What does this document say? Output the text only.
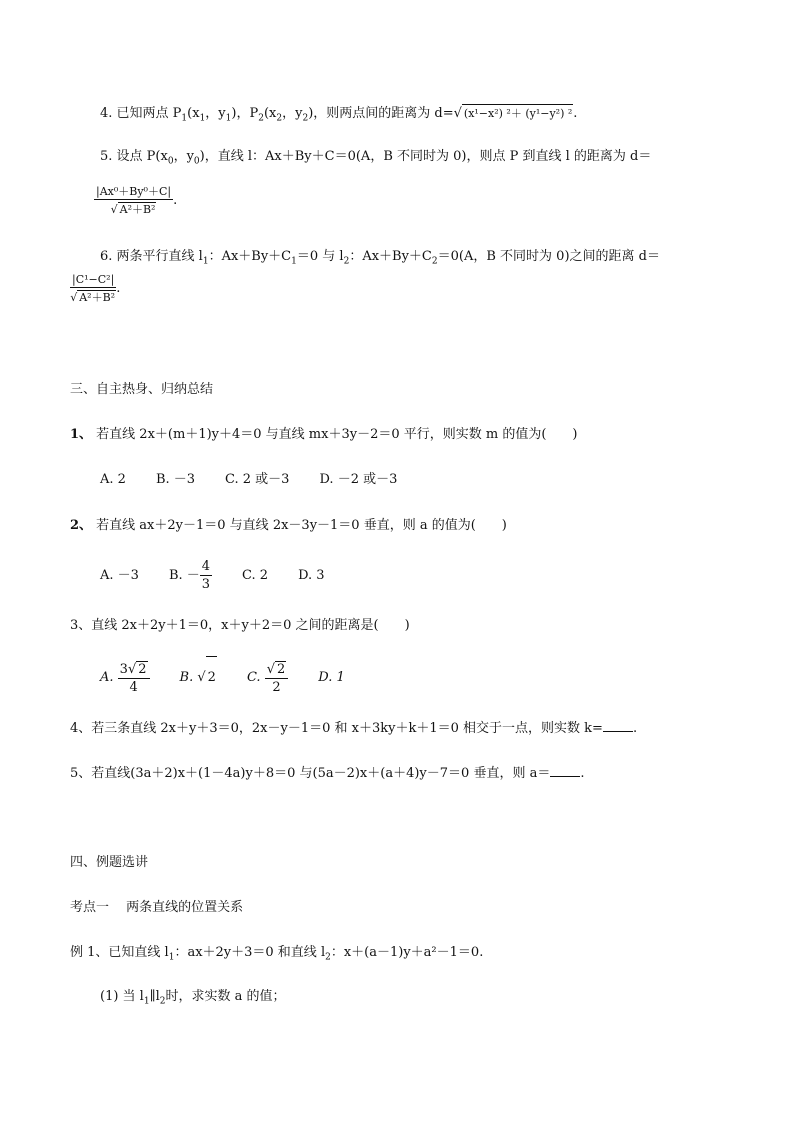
4. 已知两点 $P_1(x_1$，$y_1$)，$P_2(x_2$，$y_2$)，则两点间的距离为 d=√ (x¹−x²) ²＋ (y¹−y²) ².
5. 设点 $P(x_0$，$y_0$)，直线 l：Ax＋By＋C＝0(A，B 不同时为 0)，则点 P 到直线 l 的距离为 d＝
$\frac{\text{|Ax⁰＋By⁰＋C|}}{\text{√ A²＋B²}}$ .
6. 两条平行直线 $l_1$：$Ax+By+C_1=0$ 与 $l_2$：$Ax+By+C_2=0(A$，B 不同时为 0)之间的距离 d＝
$\frac{\text{|C¹−C²|}}{\text{√ A²＋B²}}$ .
三、自主热身、归纳总结
1、 若直线 2x＋(m＋1)y＋4＝0 与直线 mx＋3y－2＝0 平行，则实数 m 的值为(　　)
A. 2 B. －3 C. 2 或－3 D. －2 或－3
2、 若直线 ax＋2y－1＝0 与直线 2x－3y－1＝0 垂直，则 a 的值为(　　)
A. －3 B. － $\frac{4}{3} C$. 2 D. 3
3、直线 2x＋2y＋1＝0，x＋y＋2＝0 之间的距离是(　　)
A. $\frac{3√ 2}{4} B$. √ 2 C. $\frac{√ 2}{2} D$. 1
4、若三条直线 2x＋y＋3＝0，2x－y－1＝0 和 x＋3ky＋k＋1＝0 相交于一点，则实数 k= .
5、若直线(3a＋2)x＋(1－4a)y＋8＝0 与(5a－2)x＋(a＋4)y－7＝0 垂直，则 a＝ .
四、例题选讲
考点一　 两条直线的位置关系
例 1、已知直线 $l_1$：ax＋2y＋3＝0 和直线 $l_2$：x＋(a－1)y＋a²－1＝0.
(1) 当 $l_1\parallel l_2$时，求实数 a 的值；
